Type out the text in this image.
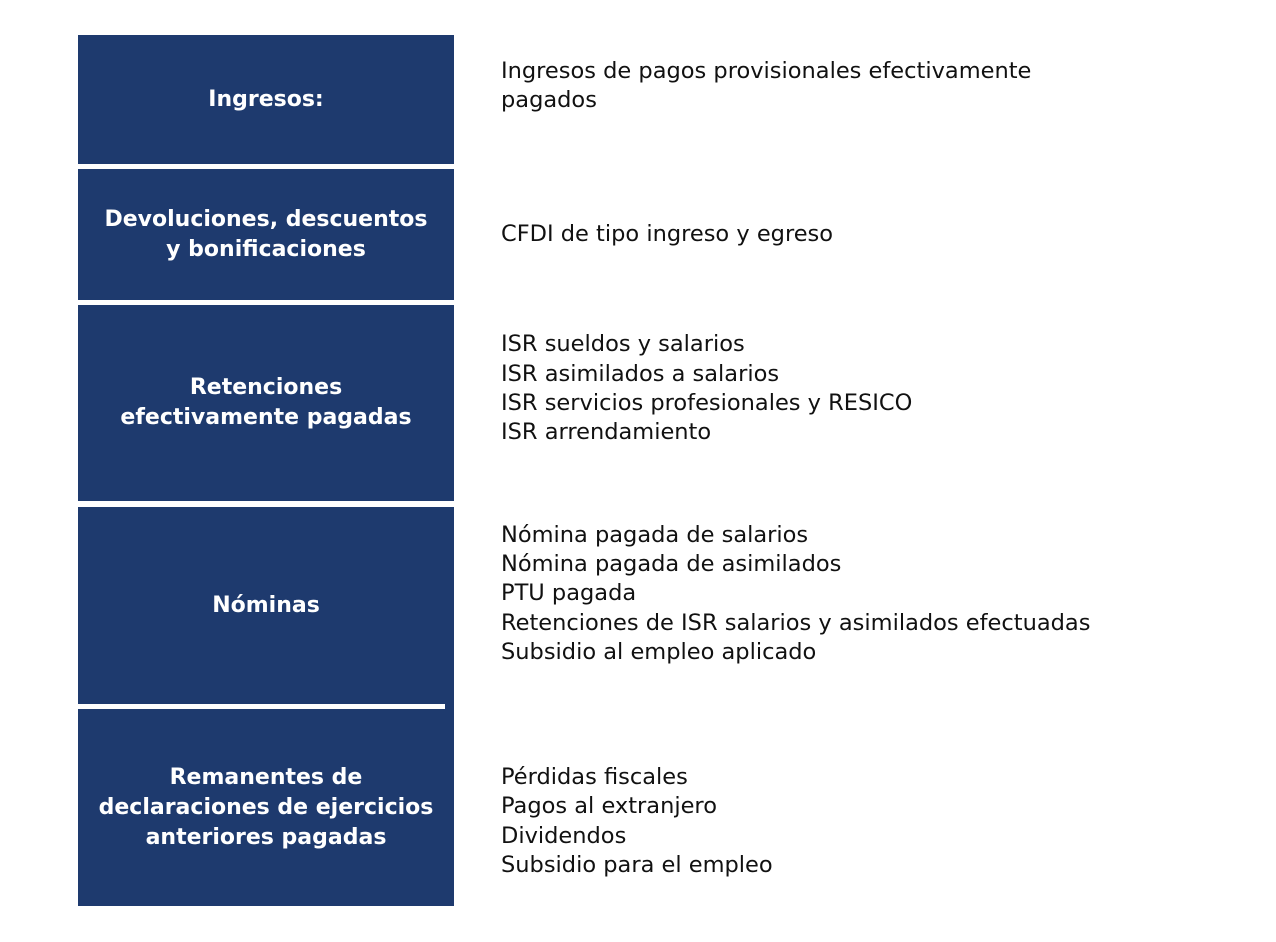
Ingresos:
Ingresos de pagos provisionales efectivamente
pagados
Devoluciones, descuentos
y bonificaciones
CFDI de tipo ingreso y egreso
Retenciones
efectivamente pagadas
ISR sueldos y salarios
ISR asimilados a salarios
ISR servicios profesionales y RESICO
ISR arrendamiento
Nóminas
Nómina pagada de salarios
Nómina pagada de asimilados
PTU pagada
Retenciones de ISR salarios y asimilados efectuadas
Subsidio al empleo aplicado
Remanentes de
declaraciones de ejercicios
anteriores pagadas
Pérdidas fiscales
Pagos al extranjero
Dividendos
Subsidio para el empleo
